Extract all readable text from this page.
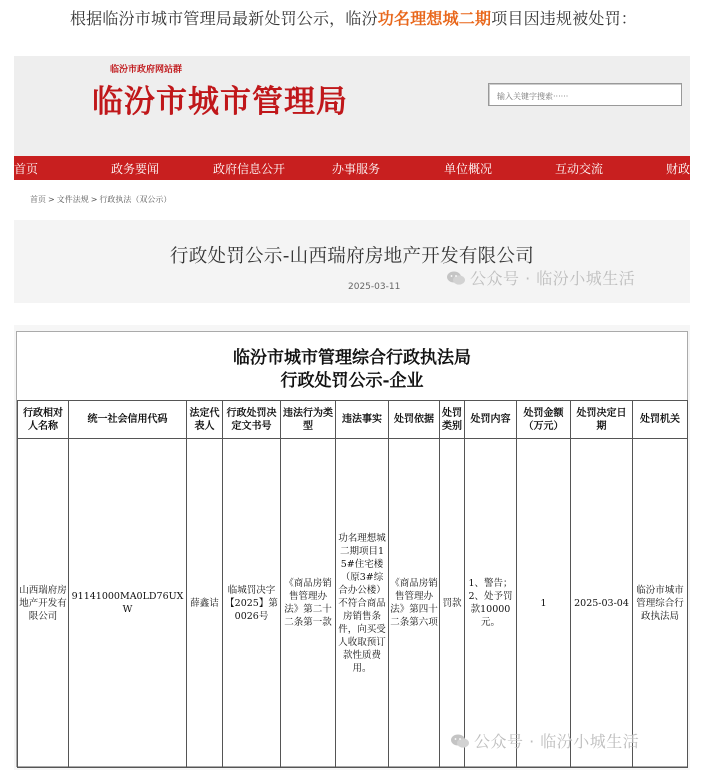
根据临汾市城市管理局最新处罚公示，临汾功名理想城二期项目因违规被处罚：
临汾市政府网站群
临汾市城市管理局
输入关键字搜索······
首页	政务要闻	政府信息公开	办事服务	单位概况	互动交流	财政
首页 > 文件法规 > 行政执法（双公示）
行政处罚公示-山西瑞府房地产开发有限公司
2025-03-11	公众号 · 临汾小城生活
临汾市城市管理综合行政执法局
行政处罚公示-企业
行政相对人名称	统一社会信用代码	法定代表人	行政处罚决定文书号	违法行为类型	违法事实	处罚依据	处罚类别	处罚内容	处罚金额（万元）	处罚决定日期	处罚机关
山西瑞府房地产开发有限公司	91141000MA0LD76UXW	薛鑫诘	临城罚决字【2025】第0026号	《商品房销售管理办法》第二十二条第一款	功名理想城二期项目15#住宅楼（原3#综合办公楼）不符合商品房销售条件，向买受人收取预订款性质费用。	《商品房销售管理办法》第四十二条第六项	罚款	1、警告；2、处予罚款10000元。	1	2025-03-04	临汾市城市管理综合行政执法局
公众号 · 临汾小城生活
